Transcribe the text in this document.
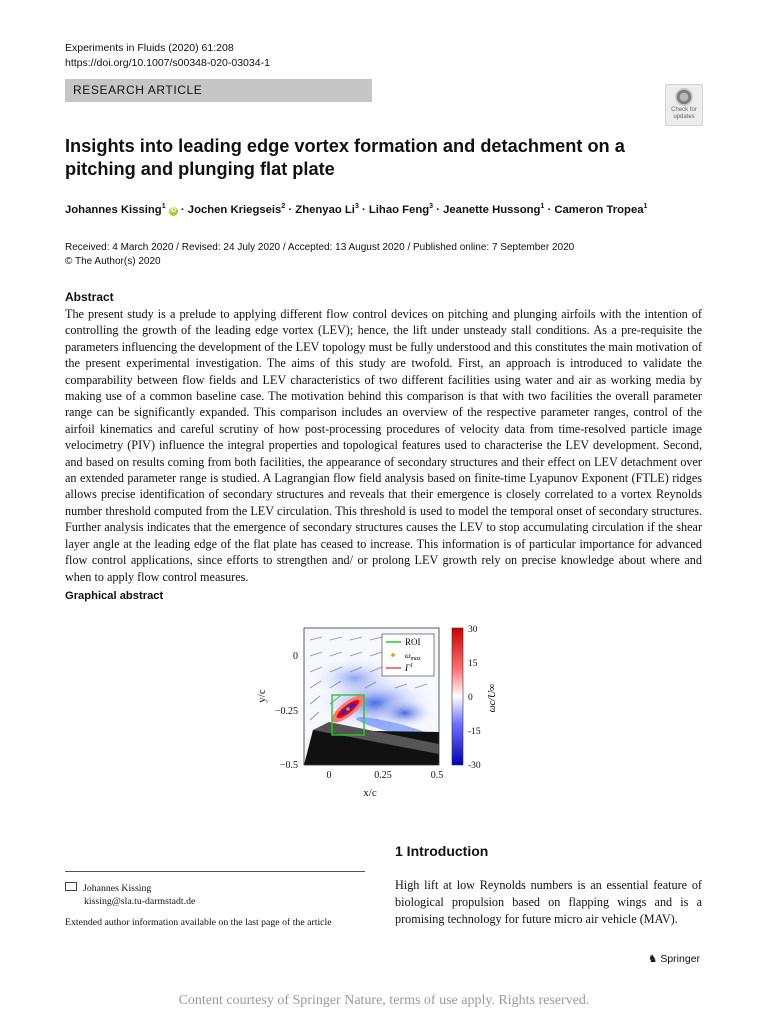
Experiments in Fluids (2020) 61:208
https://doi.org/10.1007/s00348-020-03034-1
RESEARCH ARTICLE
Check for
updates
Insights into leading edge vortex formation and detachment on a pitching and plunging flat plate
Johannes Kissing$^1$ iD · Jochen Kriegseis$^2$ · Zhenyao $Li^3$ · Lihao Feng$^3$ · Jeanette Hussong$^1$ · Cameron Tropea$^1$
Received: 4 March 2020 / Revised: 24 July 2020 / Accepted: 13 August 2020 / Published online: 7 September 2020
© The Author(s) 2020
Abstract
The present study is a prelude to applying different flow control devices on pitching and plunging airfoils with the intention of controlling the growth of the leading edge vortex (LEV); hence, the lift under unsteady stall conditions. As a pre-requisite the parameters influencing the development of the LEV topology must be fully understood and this constitutes the main motivation of the present experimental investigation. The aims of this study are twofold. First, an approach is introduced to validate the comparability between flow fields and LEV characteristics of two different facilities using water and air as working media by making use of a common baseline case. The motivation behind this comparison is that with two facilities the overall parameter range can be significantly expanded. This comparison includes an overview of the respective parameter ranges, control of the airfoil kinematics and careful scrutiny of how post-processing procedures of velocity data from time-resolved particle image velocimetry (PIV) influence the integral properties and topological features used to characterise the LEV development. Second, and based on results coming from both facilities, the appearance of secondary structures and their effect on LEV detachment over an extended parameter range is studied. A Lagrangian flow field analysis based on finite-time Lyapunov Exponent (FTLE) ridges allows precise identification of secondary structures and reveals that their emergence is closely correlated to a vortex Reynolds number threshold computed from the LEV circulation. This threshold is used to model the temporal onset of secondary structures. Further analysis indicates that the emergence of secondary structures causes the LEV to stop accumulating circulation if the shear layer angle at the leading edge of the flat plate has ceased to increase. This information is of particular importance for advanced flow control applications, since efforts to strengthen and/ or prolong LEV growth rely on precise knowledge about where and when to apply flow control measures.
Graphical abstract
ROI
$\omega_{max}$
$\Gamma^1$
0
−0.25
−0.5
0	0.25	0.5
x/c
y/c
30
15
0
-15
-30
ωc/U∞
1 Introduction
High lift at low Reynolds numbers is an essential feature of biological propulsion based on flapping wings and is a promising technology for future micro air vehicle (MAV).
Johannes Kissing
kissing@sla.tu-darmstadt.de
Extended author information available on the last page of the article
♞ Springer
Content courtesy of Springer Nature, terms of use apply. Rights reserved.
